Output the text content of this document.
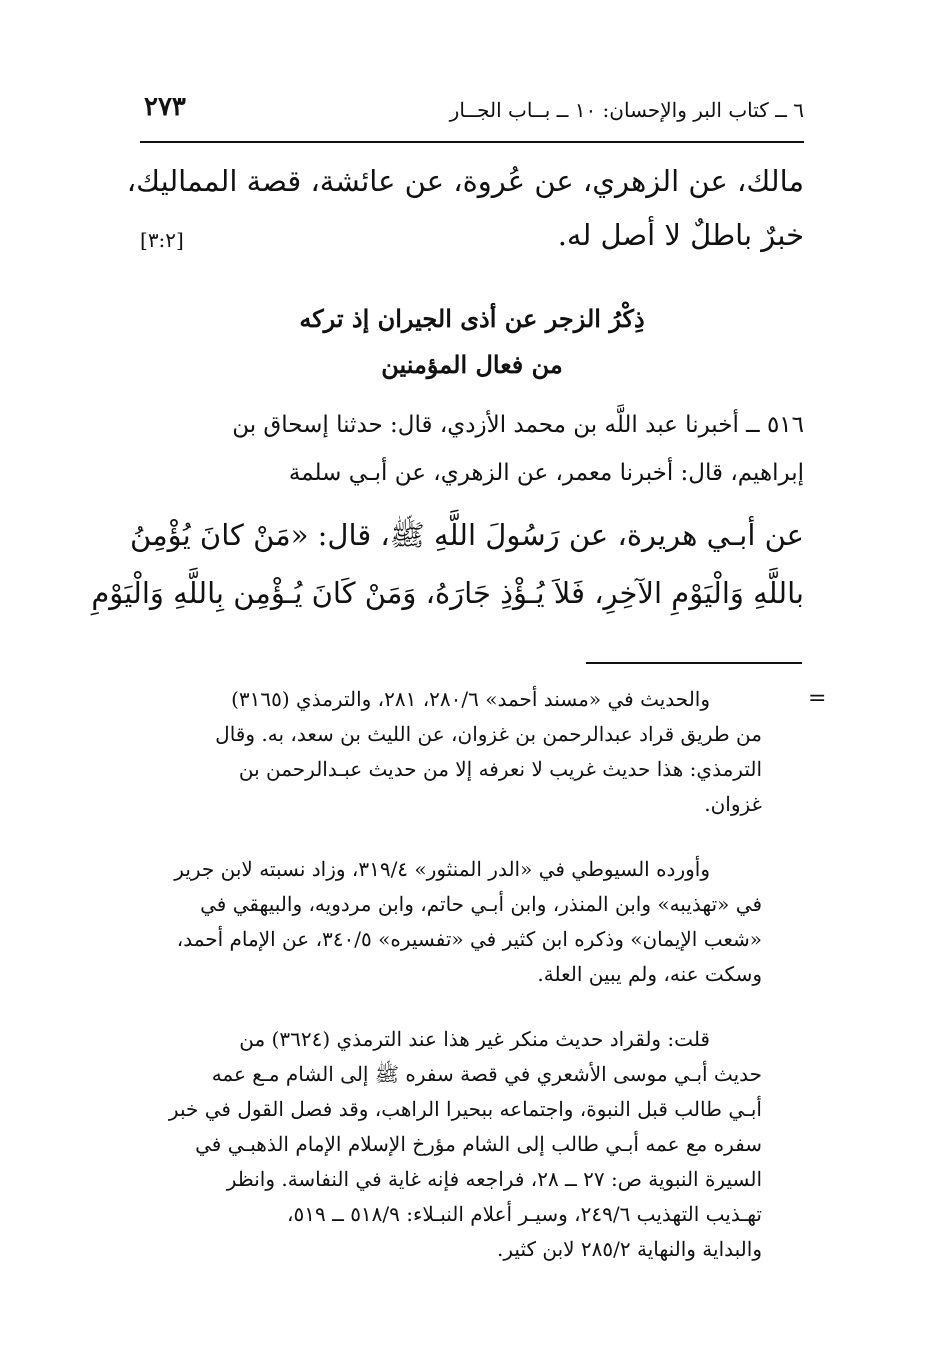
٦ ــ كتاب البر والإحسان: ١٠ ــ بــاب الجــار
٢٧٣
مالك، عن الزهري، عن عُروة، عن عائشة، قصة المماليك،
خبرٌ باطلٌ لا أصل له.
[٣:٢]
ذِكْرُ الزجر عن أذى الجيران إذ تركه
من فعال المؤمنين
٥١٦ ــ أخبرنا عبد اللَّه بن محمد الأزدي، قال: حدثنا إسحاق بن
إبراهيم، قال: أخبرنا معمر، عن الزهري، عن أبـي سلمة
عن أبـي هريرة، عن رَسُولَ اللَّهِ ﷺ، قال: «مَنْ كانَ يُؤْمِنُ
باللَّهِ وَالْيَوْمِ الآخِرِ، فَلاَ يُـؤْذِ جَارَهُ، وَمَنْ كَانَ يُـؤْمِن بِاللَّهِ وَالْيَوْمِ
=
والحديث في «مسند أحمد» ٢٨٠/٦، ٢٨١، والترمذي (٣١٦٥)
من طريق قراد عبدالرحمن بن غزوان، عن الليث بن سعد، به. وقال
الترمذي: هذا حديث غريب لا نعرفه إلا من حديث عبـدالرحمن بن
غزوان.
وأورده السيوطي في «الدر المنثور» ٣١٩/٤، وزاد نسبته لابن جرير
في «تهذيبه» وابن المنذر، وابن أبـي حاتم، وابن مردويه، والبيهقي في
«شعب الإيمان» وذكره ابن كثير في «تفسيره» ٣٤٠/٥، عن الإمام أحمد،
وسكت عنه، ولم يبين العلة.
قلت: ولقراد حديث منكر غير هذا عند الترمذي (٣٦٢٤) من
حديث أبـي موسى الأشعري في قصة سفره ﷺ إلى الشام مـع عمه
أبـي طالب قبل النبوة، واجتماعه ببحيرا الراهب، وقد فصل القول في خبر
سفره مع عمه أبـي طالب إلى الشام مؤرخ الإسلام الإمام الذهبـي في
السيرة النبوية ص: ٢٧ ــ ٢٨، فراجعه فإنه غاية في النفاسة. وانظر
تهـذيب التهذيب ٢٤٩/٦، وسيـر أعلام النبـلاء: ٥١٨/٩ ــ ٥١٩،
والبداية والنهاية ٢٨٥/٢ لابن كثير.
